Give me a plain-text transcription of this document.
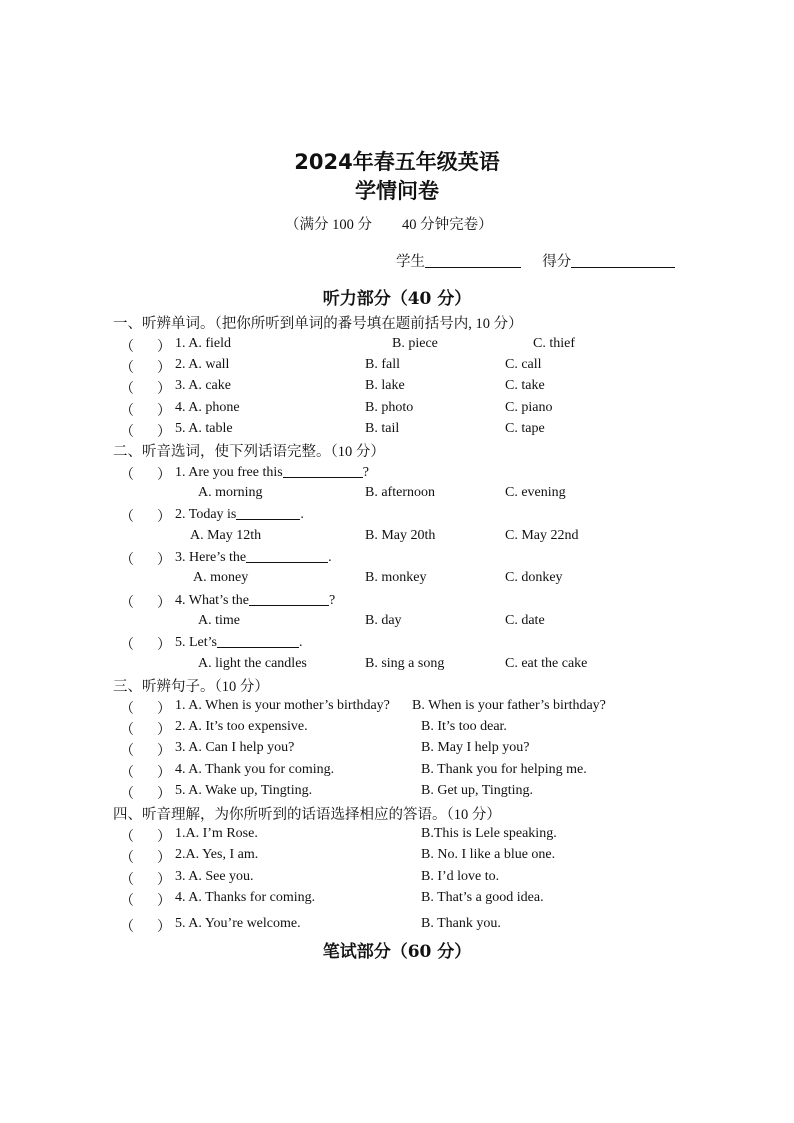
2024年春五年级英语
学情问卷
（满分 100 分 40 分钟完卷）
学生	得分
听力部分（40 分）
一、听辨单词。（把你所听到单词的番号填在题前括号内, 10 分）
（ ） 1. A. field	B. piece	C. thief
（ ） 2. A. wall	B. fall	C. call
（ ） 3. A. cake	B. lake	C. take
（ ） 4. A. phone	B. photo	C. piano
（ ） 5. A. table	B. tail	C. tape
二、听音选词，使下列话语完整。（10 分）
（ ） 1. Are you free this	?
A. morning	B. afternoon	C. evening
（ ） 2. Today is	.
A. May 12th	B. May 20th	C. May 22nd
（ ） 3. Here’s the	.
A. money	B. monkey	C. donkey
（ ） 4. What’s the	?
A. time	B. day	C. date
（ ） 5. Let’s	.
A. light the candles	B. sing a song	C. eat the cake
三、听辨句子。（10 分）
（ ） 1. A. When is your mother’s birthday? B. When is your father’s birthday?
（ ） 2. A. It’s too expensive.	B. It’s too dear.
（ ） 3. A. Can I help you?	B. May I help you?
（ ） 4. A. Thank you for coming.	B. Thank you for helping me.
（ ） 5. A. Wake up, Tingting.	B. Get up, Tingting.
四、听音理解，为你所听到的话语选择相应的答语。（10 分）
（ ） 1.A. I’m Rose.	B.This is Lele speaking.
（ ） 2.A. Yes, I am.	B. No. I like a blue one.
（ ） 3. A. See you.	B. I’d love to.
（ ） 4. A. Thanks for coming.	B. That’s a good idea.
（ ） 5. A. You’re welcome.	B. Thank you.
笔试部分（60 分）
